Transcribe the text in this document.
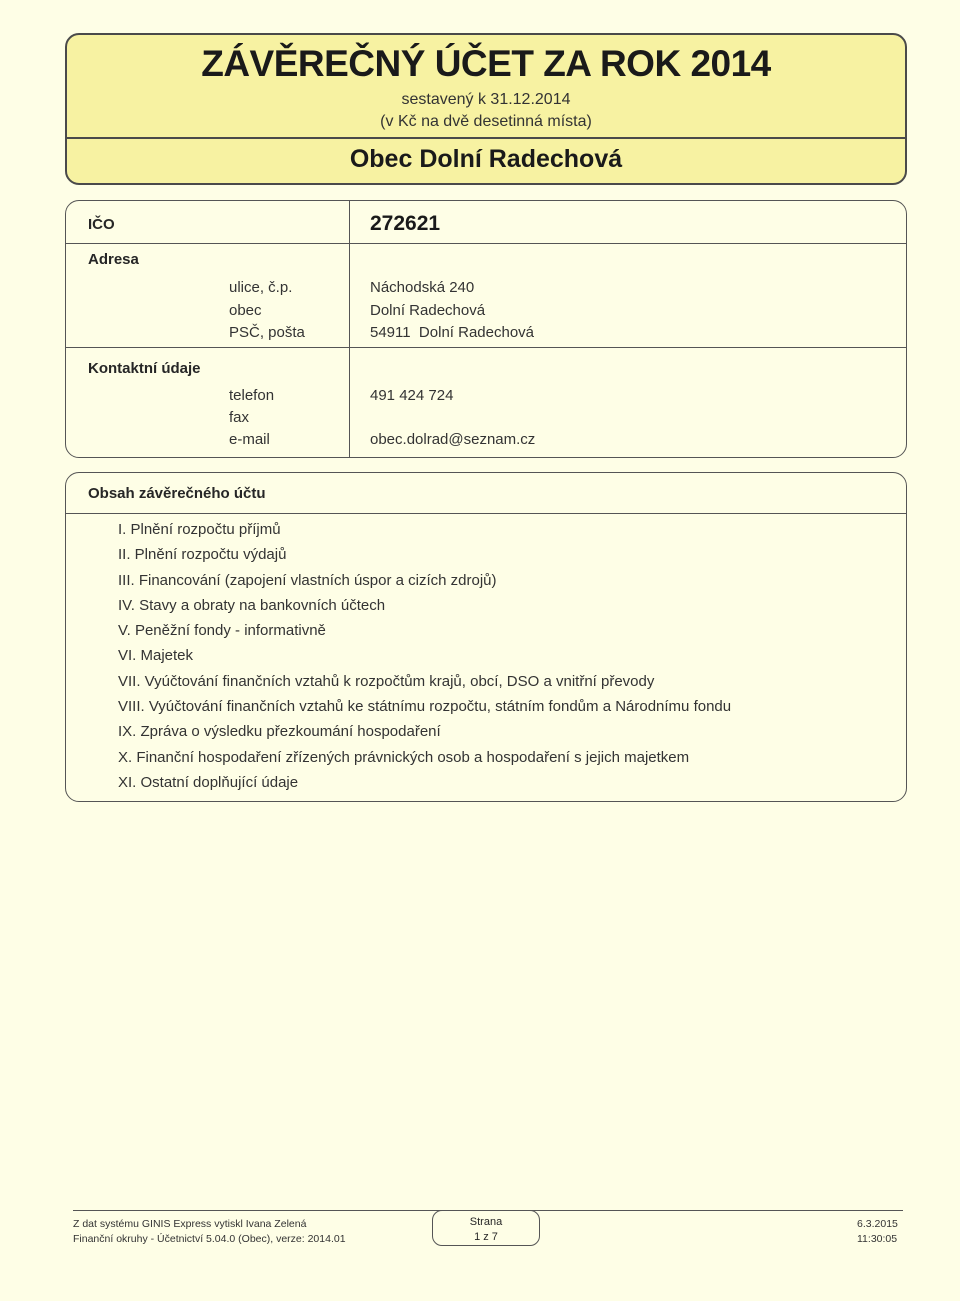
ZÁVĚREČNÝ ÚČET ZA ROK 2014
sestavený k 31.12.2014
(v Kč na dvě desetinná místa)
Obec Dolní Radechová
IČO	272621
Adresa
ulice, č.p.	Náchodská 240
obec	Dolní Radechová
PSČ, pošta	54911  Dolní Radechová
Kontaktní údaje
telefon	491 424 724
fax
e-mail	obec.dolrad@seznam.cz
Obsah závěrečného účtu
I. Plnění rozpočtu příjmů
II. Plnění rozpočtu výdajů
III. Financování (zapojení vlastních úspor a cizích zdrojů)
IV. Stavy a obraty na bankovních účtech
V. Peněžní fondy - informativně
VI. Majetek
VII. Vyúčtování finančních vztahů k rozpočtům krajů, obcí, DSO a vnitřní převody
VIII. Vyúčtování finančních vztahů ke státnímu rozpočtu, státním fondům a Národnímu fondu
IX. Zpráva o výsledku přezkoumání hospodaření
X. Finanční hospodaření zřízených právnických osob a hospodaření s jejich majetkem
XI. Ostatní doplňující údaje
Z dat systému GINIS Express vytiskl Ivana Zelená
Finanční okruhy - Účetnictví 5.04.0 (Obec), verze: 2014.01
Strana
1 z 7
6.3.2015
11:30:05
